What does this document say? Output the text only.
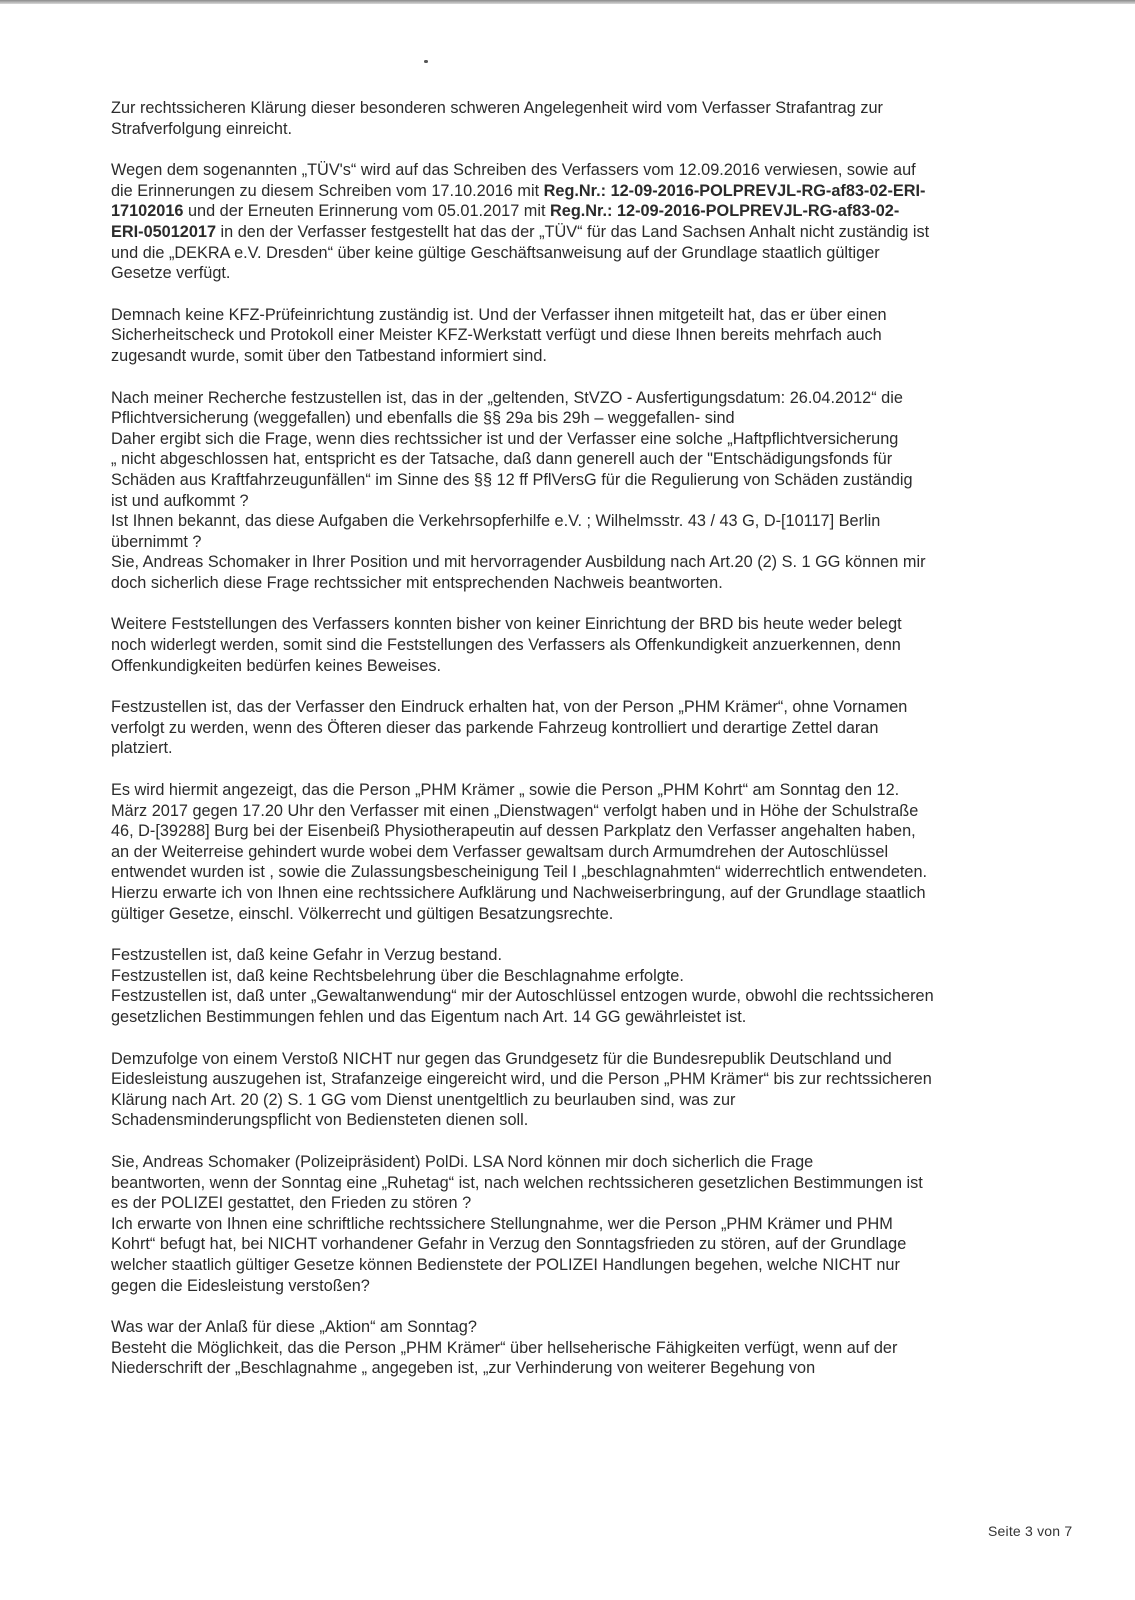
Zur rechtssicheren Klärung dieser besonderen schweren Angelegenheit wird vom Verfasser Strafantrag zur
Strafverfolgung einreicht.

Wegen dem sogenannten „TÜV's“ wird auf das Schreiben des Verfassers vom 12.09.2016 verwiesen, sowie auf
die Erinnerungen zu diesem Schreiben vom 17.10.2016 mit Reg.Nr.: 12-09-2016-POLPREVJL-RG-af83-02-ERI-
17102016 und der Erneuten Erinnerung vom 05.01.2017 mit Reg.Nr.: 12-09-2016-POLPREVJL-RG-af83-02-
ERI-05012017 in den der Verfasser festgestellt hat das der „TÜV“ für das Land Sachsen Anhalt nicht zuständig ist
und die „DEKRA e.V. Dresden“ über keine gültige Geschäftsanweisung auf der Grundlage staatlich gültiger
Gesetze verfügt.

Demnach keine KFZ-Prüfeinrichtung zuständig ist. Und der Verfasser ihnen mitgeteilt hat, das er über einen
Sicherheitscheck und Protokoll einer Meister KFZ-Werkstatt verfügt und diese Ihnen bereits mehrfach auch
zugesandt wurde, somit über den Tatbestand informiert sind.

Nach meiner Recherche festzustellen ist, das in der „geltenden, StVZO - Ausfertigungsdatum: 26.04.2012“ die
Pflichtversicherung (weggefallen) und ebenfalls die §§ 29a bis 29h – weggefallen- sind
Daher ergibt sich die Frage, wenn dies rechtssicher ist und der Verfasser eine solche „Haftpflichtversicherung
„ nicht abgeschlossen hat, entspricht es der Tatsache, daß dann generell auch der "Entschädigungsfonds für
Schäden aus Kraftfahrzeugunfällen“ im Sinne des §§ 12 ff PflVersG für die Regulierung von Schäden zuständig
ist und aufkommt ?
Ist Ihnen bekannt, das diese Aufgaben die Verkehrsopferhilfe e.V. ; Wilhelmsstr. 43 / 43 G, D-[10117] Berlin
übernimmt ?
Sie, Andreas Schomaker in Ihrer Position und mit hervorragender Ausbildung nach Art.20 (2) S. 1 GG können mir
doch sicherlich diese Frage rechtssicher mit entsprechenden Nachweis beantworten.

Weitere Feststellungen des Verfassers konnten bisher von keiner Einrichtung der BRD bis heute weder belegt
noch widerlegt werden, somit sind die Feststellungen des Verfassers als Offenkundigkeit anzuerkennen, denn
Offenkundigkeiten bedürfen keines Beweises.

Festzustellen ist, das der Verfasser den Eindruck erhalten hat, von der Person „PHM Krämer“, ohne Vornamen
verfolgt zu werden, wenn des Öfteren dieser das parkende Fahrzeug kontrolliert und derartige Zettel daran
platziert.

Es wird hiermit angezeigt, das die Person „PHM Krämer „ sowie die Person „PHM Kohrt“ am Sonntag den 12.
März 2017 gegen 17.20 Uhr den Verfasser mit einen „Dienstwagen“ verfolgt haben und in Höhe der Schulstraße
46, D-[39288] Burg bei der Eisenbeiß Physiotherapeutin auf dessen Parkplatz den Verfasser angehalten haben,
an der Weiterreise gehindert wurde wobei dem Verfasser gewaltsam durch Armumdrehen der Autoschlüssel
entwendet wurden ist , sowie die Zulassungsbescheinigung Teil I „beschlagnahmten“ widerrechtlich entwendeten.
Hierzu erwarte ich von Ihnen eine rechtssichere Aufklärung und Nachweiserbringung, auf der Grundlage staatlich
gültiger Gesetze, einschl. Völkerrecht und gültigen Besatzungsrechte.

Festzustellen ist, daß keine Gefahr in Verzug bestand.
Festzustellen ist, daß keine Rechtsbelehrung über die Beschlagnahme erfolgte.
Festzustellen ist, daß unter „Gewaltanwendung“ mir der Autoschlüssel entzogen wurde, obwohl die rechtssicheren
gesetzlichen Bestimmungen fehlen und das Eigentum nach Art. 14 GG gewährleistet ist.

Demzufolge von einem Verstoß NICHT nur gegen das Grundgesetz für die Bundesrepublik Deutschland und
Eidesleistung auszugehen ist, Strafanzeige eingereicht wird, und die Person „PHM Krämer“ bis zur rechtssicheren
Klärung nach Art. 20 (2) S. 1 GG vom Dienst unentgeltlich zu beurlauben sind, was zur
Schadensminderungspflicht von Bediensteten dienen soll.

Sie, Andreas Schomaker (Polizeipräsident) PolDi. LSA Nord können mir doch sicherlich die Frage
beantworten, wenn der Sonntag eine „Ruhetag“ ist, nach welchen rechtssicheren gesetzlichen Bestimmungen ist
es der POLIZEI gestattet, den Frieden zu stören ?
Ich erwarte von Ihnen eine schriftliche rechtssichere Stellungnahme, wer die Person „PHM Krämer und PHM
Kohrt“ befugt hat, bei NICHT vorhandener Gefahr in Verzug den Sonntagsfrieden zu stören, auf der Grundlage
welcher staatlich gültiger Gesetze können Bedienstete der POLIZEI Handlungen begehen, welche NICHT nur
gegen die Eidesleistung verstoßen?

Was war der Anlaß für diese „Aktion“ am Sonntag?
Besteht die Möglichkeit, das die Person „PHM Krämer“ über hellseherische Fähigkeiten verfügt, wenn auf der
Niederschrift der „Beschlagnahme „ angegeben ist, „zur Verhinderung von weiterer Begehung von

Seite 3 von 7
